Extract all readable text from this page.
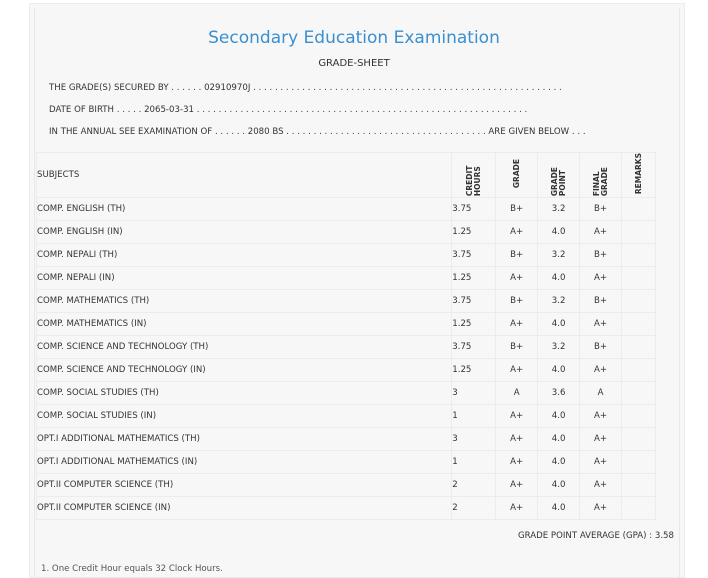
Secondary Education Examination
GRADE-SHEET
THE GRADE(S) SECURED BY . . . . . . 02910970J . . . . . . . . . . . . . . . . . . . . . . . . . . . . . . . . . . . . . . . . . . . . . . . . . . . . . . . . .
DATE OF BIRTH . . . . . 2065-03-31 . . . . . . . . . . . . . . . . . . . . . . . . . . . . . . . . . . . . . . . . . . . . . . . . . . . . . . . . . . . . .
IN THE ANNUAL SEE EXAMINATION OF . . . . . . 2080 BS . . . . . . . . . . . . . . . . . . . . . . . . . . . . . . . . . . . . . ARE GIVEN BELOW . . .
SUBJECTS	CREDIT HOURS	GRADE	GRADE POINT	FINAL GRADE	REMARKS
COMP. ENGLISH (TH)	3.75	B+	3.2	B+	
COMP. ENGLISH (IN)	1.25	A+	4.0	A+	
COMP. NEPALI (TH)	3.75	B+	3.2	B+	
COMP. NEPALI (IN)	1.25	A+	4.0	A+	
COMP. MATHEMATICS (TH)	3.75	B+	3.2	B+	
COMP. MATHEMATICS (IN)	1.25	A+	4.0	A+	
COMP. SCIENCE AND TECHNOLOGY (TH)	3.75	B+	3.2	B+	
COMP. SCIENCE AND TECHNOLOGY (IN)	1.25	A+	4.0	A+	
COMP. SOCIAL STUDIES (TH)	3	A	3.6	A	
COMP. SOCIAL STUDIES (IN)	1	A+	4.0	A+	
OPT.I ADDITIONAL MATHEMATICS (TH)	3	A+	4.0	A+	
OPT.I ADDITIONAL MATHEMATICS (IN)	1	A+	4.0	A+	
OPT.II COMPUTER SCIENCE (TH)	2	A+	4.0	A+	
OPT.II COMPUTER SCIENCE (IN)	2	A+	4.0	A+	
GRADE POINT AVERAGE (GPA) : 3.58
1. One Credit Hour equals 32 Clock Hours.
